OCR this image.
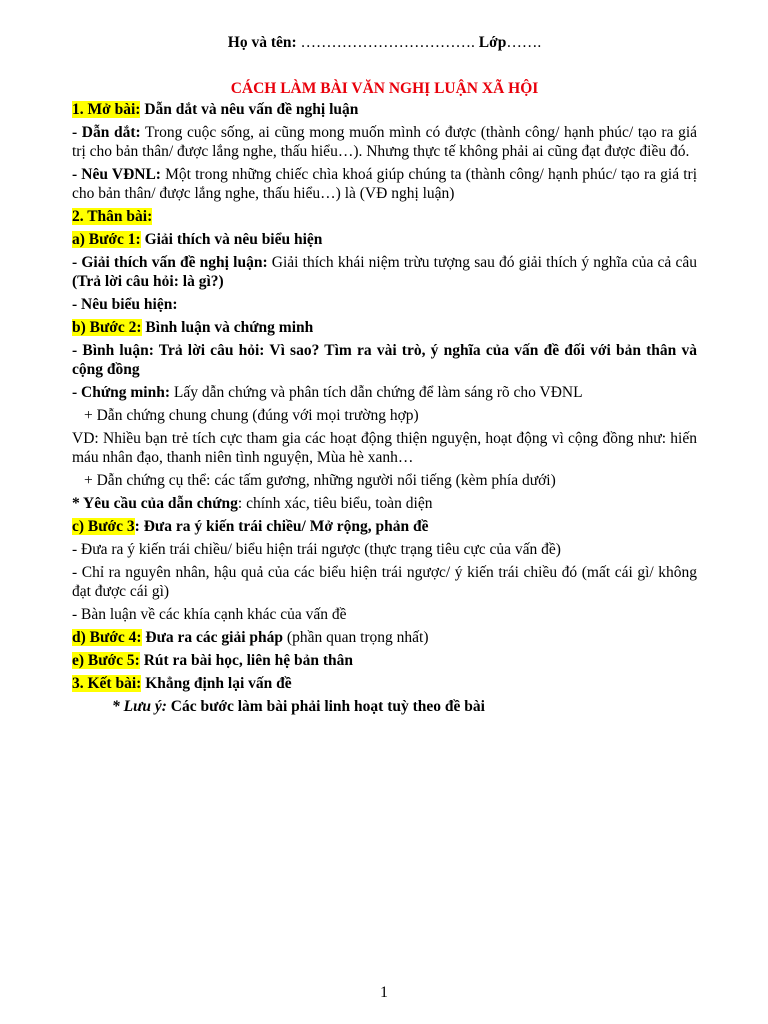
Họ và tên: ……………………………. Lớp…….
CÁCH LÀM BÀI VĂN NGHỊ LUẬN XÃ HỘI

1. Mở bài: Dẫn dắt và nêu vấn đề nghị luận

- Dẫn dắt: Trong cuộc sống, ai cũng mong muốn mình có được (thành công/ hạnh phúc/ tạo ra giá trị cho bản thân/ được lắng nghe, thấu hiểu…). Nhưng thực tế không phải ai cũng đạt được điều đó.

- Nêu VĐNL: Một trong những chiếc chìa khoá giúp chúng ta (thành công/ hạnh phúc/ tạo ra giá trị cho bản thân/ được lắng nghe, thấu hiểu…) là (VĐ nghị luận)

2. Thân bài:

a) Bước 1: Giải thích và nêu biểu hiện

- Giải thích vấn đề nghị luận: Giải thích khái niệm trừu tượng sau đó giải thích ý nghĩa của cả câu (Trả lời câu hỏi: là gì?)

- Nêu biểu hiện:

b) Bước 2: Bình luận và chứng minh

- Bình luận: Trả lời câu hỏi: Vì sao? Tìm ra vài trò, ý nghĩa của vấn đề đối với bản thân và cộng đồng

- Chứng minh: Lấy dẫn chứng và phân tích dẫn chứng để làm sáng rõ cho VĐNL

+ Dẫn chứng chung chung (đúng với mọi trường hợp)

VD: Nhiều bạn trẻ tích cực tham gia các hoạt động thiện nguyện, hoạt động vì cộng đồng như: hiến máu nhân đạo, thanh niên tình nguyện, Mùa hè xanh…

+ Dẫn chứng cụ thể: các tấm gương, những người nổi tiếng (kèm phía dưới)

* Yêu cầu của dẫn chứng: chính xác, tiêu biểu, toàn diện

c) Bước 3: Đưa ra ý kiến trái chiều/ Mở rộng, phản đề

- Đưa ra ý kiến trái chiều/ biểu hiện trái ngược (thực trạng tiêu cực của vấn đề)

- Chỉ ra nguyên nhân, hậu quả của các biểu hiện trái ngược/ ý kiến trái chiều đó (mất cái gì/ không đạt được cái gì)

- Bàn luận về các khía cạnh khác của vấn đề

d) Bước 4: Đưa ra các giải pháp (phần quan trọng nhất)

e) Bước 5: Rút ra bài học, liên hệ bản thân

3. Kết bài: Khẳng định lại vấn đề

* Lưu ý: Các bước làm bài phải linh hoạt tuỳ theo đề bài

1
